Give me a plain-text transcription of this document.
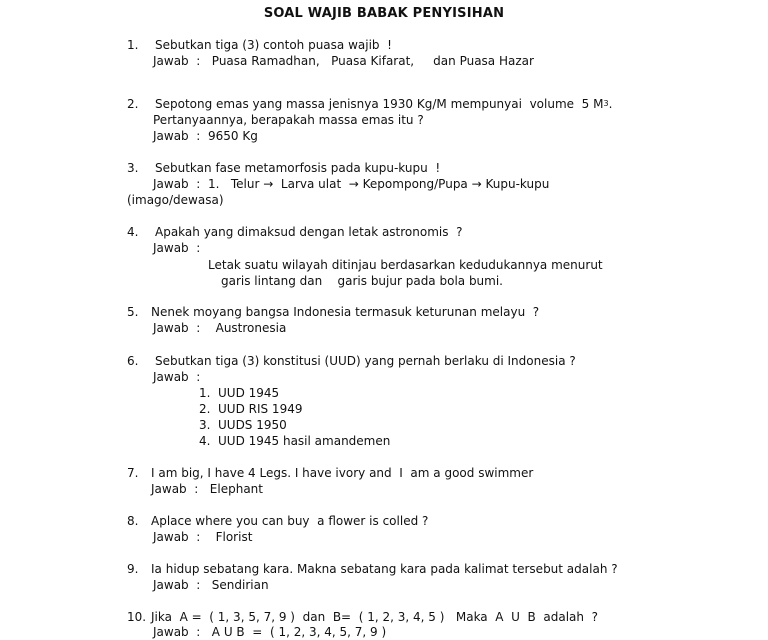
SOAL WAJIB BABAK PENYISIHAN
1. Sebutkan tiga (3) contoh puasa wajib  !
Jawab  :   Puasa Ramadhan,   Puasa Kifarat,     dan Puasa Hazar
2. Sepotong emas yang massa jenisnya 1930 Kg/M mempunyai  volume  5 $M^3$.
Pertanyaannya, berapakah massa emas itu ?
Jawab  :  9650 Kg
3. Sebutkan fase metamorfosis pada kupu-kupu  !
Jawab  :  1.   Telur →  Larva ulat  → Kepompong/Pupa → Kupu-kupu
(imago/dewasa)
4. Apakah yang dimaksud dengan letak astronomis  ?
Jawab  :
Letak suatu wilayah ditinjau berdasarkan kedudukannya menurut
garis lintang dan    garis bujur pada bola bumi.
5. Nenek moyang bangsa Indonesia termasuk keturunan melayu  ?
Jawab  :    Austronesia
6. Sebutkan tiga (3) konstitusi (UUD) yang pernah berlaku di Indonesia ?
Jawab  :
1. UUD 1945
2. UUD RIS 1949
3. UUDS 1950
4. UUD 1945 hasil amandemen
7. I am big, I have 4 Legs. I have ivory and  I  am a good swimmer
Jawab  :   Elephant
8. Aplace where you can buy  a flower is colled ?
Jawab  :    Florist
9. Ia hidup sebatang kara. Makna sebatang kara pada kalimat tersebut adalah ?
Jawab  :   Sendirian
10. Jika  A =  ( 1, 3, 5, 7, 9 )  dan  B=  ( 1, 2, 3, 4, 5 )   Maka  A  U  B  adalah  ?
Jawab  :   A U B  =  ( 1, 2, 3, 4, 5, 7, 9 )
